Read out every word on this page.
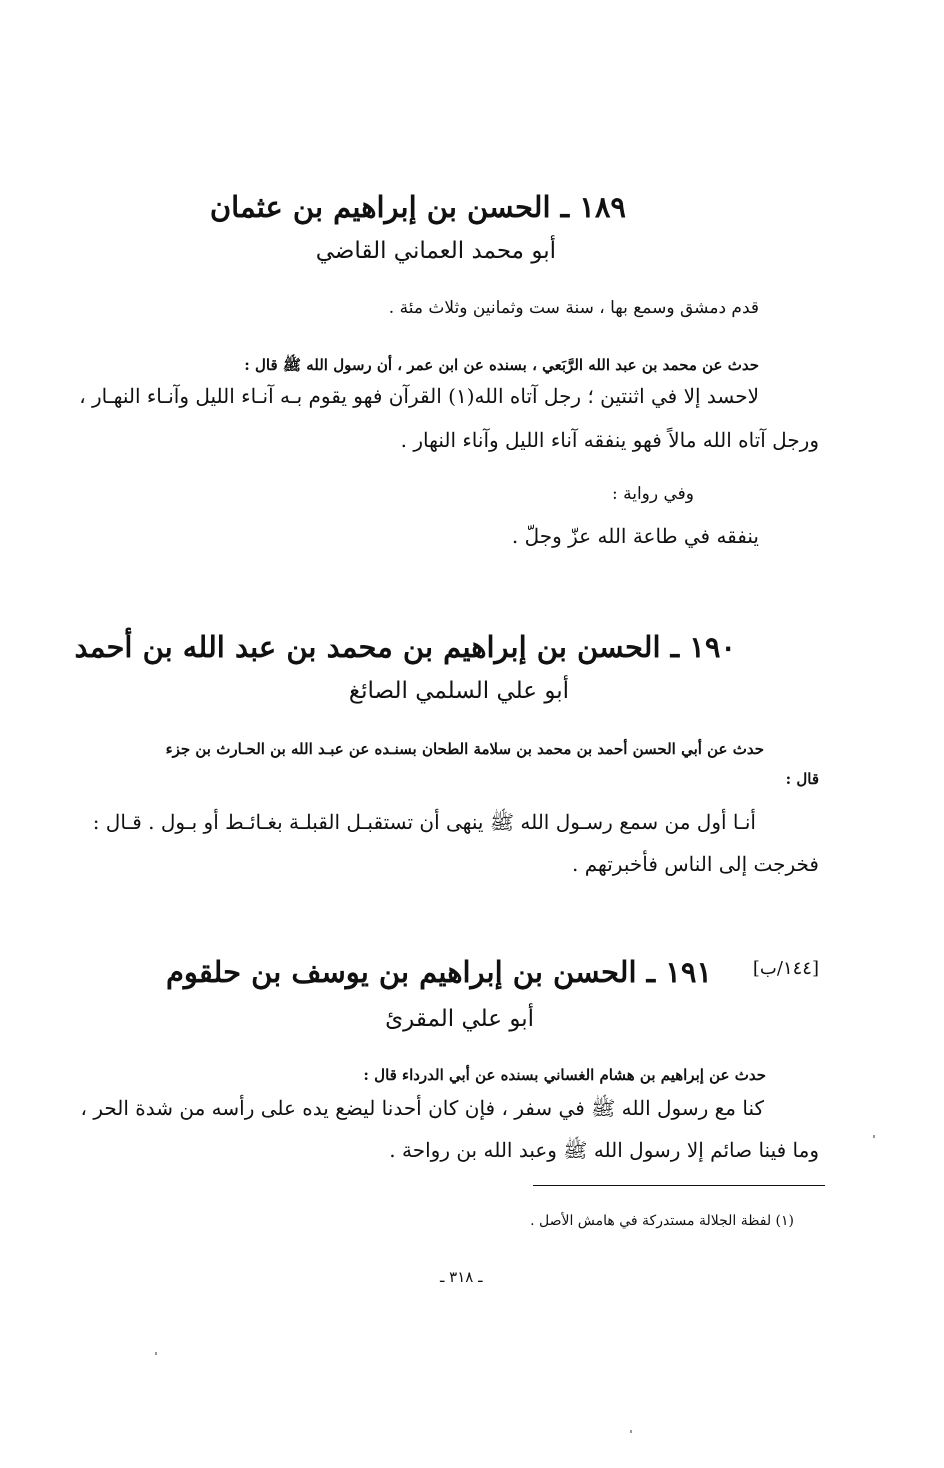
١٨٩ ـ الحسن بن إبراهيم بن عثمان
أبو محمد العماني القاضي
قدم دمشق وسمع بها ، سنة ست وثمانين وثلاث مئة .
حدث عن محمد بن عبد الله الرَّبَعي ، بسنده عن ابن عمر ، أن رسول الله ﷺ قال :
لاحسد إلا في اثنتين ؛ رجل آتاه الله(١) القرآن فهو يقوم بـه آنـاء الليل وآنـاء النهـار ،
ورجل آتاه الله مالاً فهو ينفقه آناء الليل وآناء النهار .
وفي رواية :
ينفقه في طاعة الله عزّ وجلّ .
١٩٠ ـ الحسن بن إبراهيم بن محمد بن عبد الله بن أحمد
أبو علي السلمي الصائغ
حدث عن أبي الحسن أحمد بن محمد بن سلامة الطحان بسنـده عن عبـد الله بن الحـارث بن جزء
قال :
أنـا أول من سمع رسـول الله ﷺ ينهى أن تستقبـل القبلـة بغـائـط أو بـول . قـال :
فخرجت إلى الناس فأخبرتهم .
[١٤٤/ب]
١٩١ ـ الحسن بن إبراهيم بن يوسف بن حلقوم
أبو علي المقرئ
حدث عن إبراهيم بن هشام الغساني بسنده عن أبي الدرداء قال :
كنا مع رسول الله ﷺ في سفر ، فإن كان أحدنا ليضع يده على رأسه من شدة الحر ،
وما فينا صائم إلا رسول الله ﷺ وعبد الله بن رواحة .
(١) لفظة الجلالة مستدركة في هامش الأصل .
ـ ٣١٨ ـ
